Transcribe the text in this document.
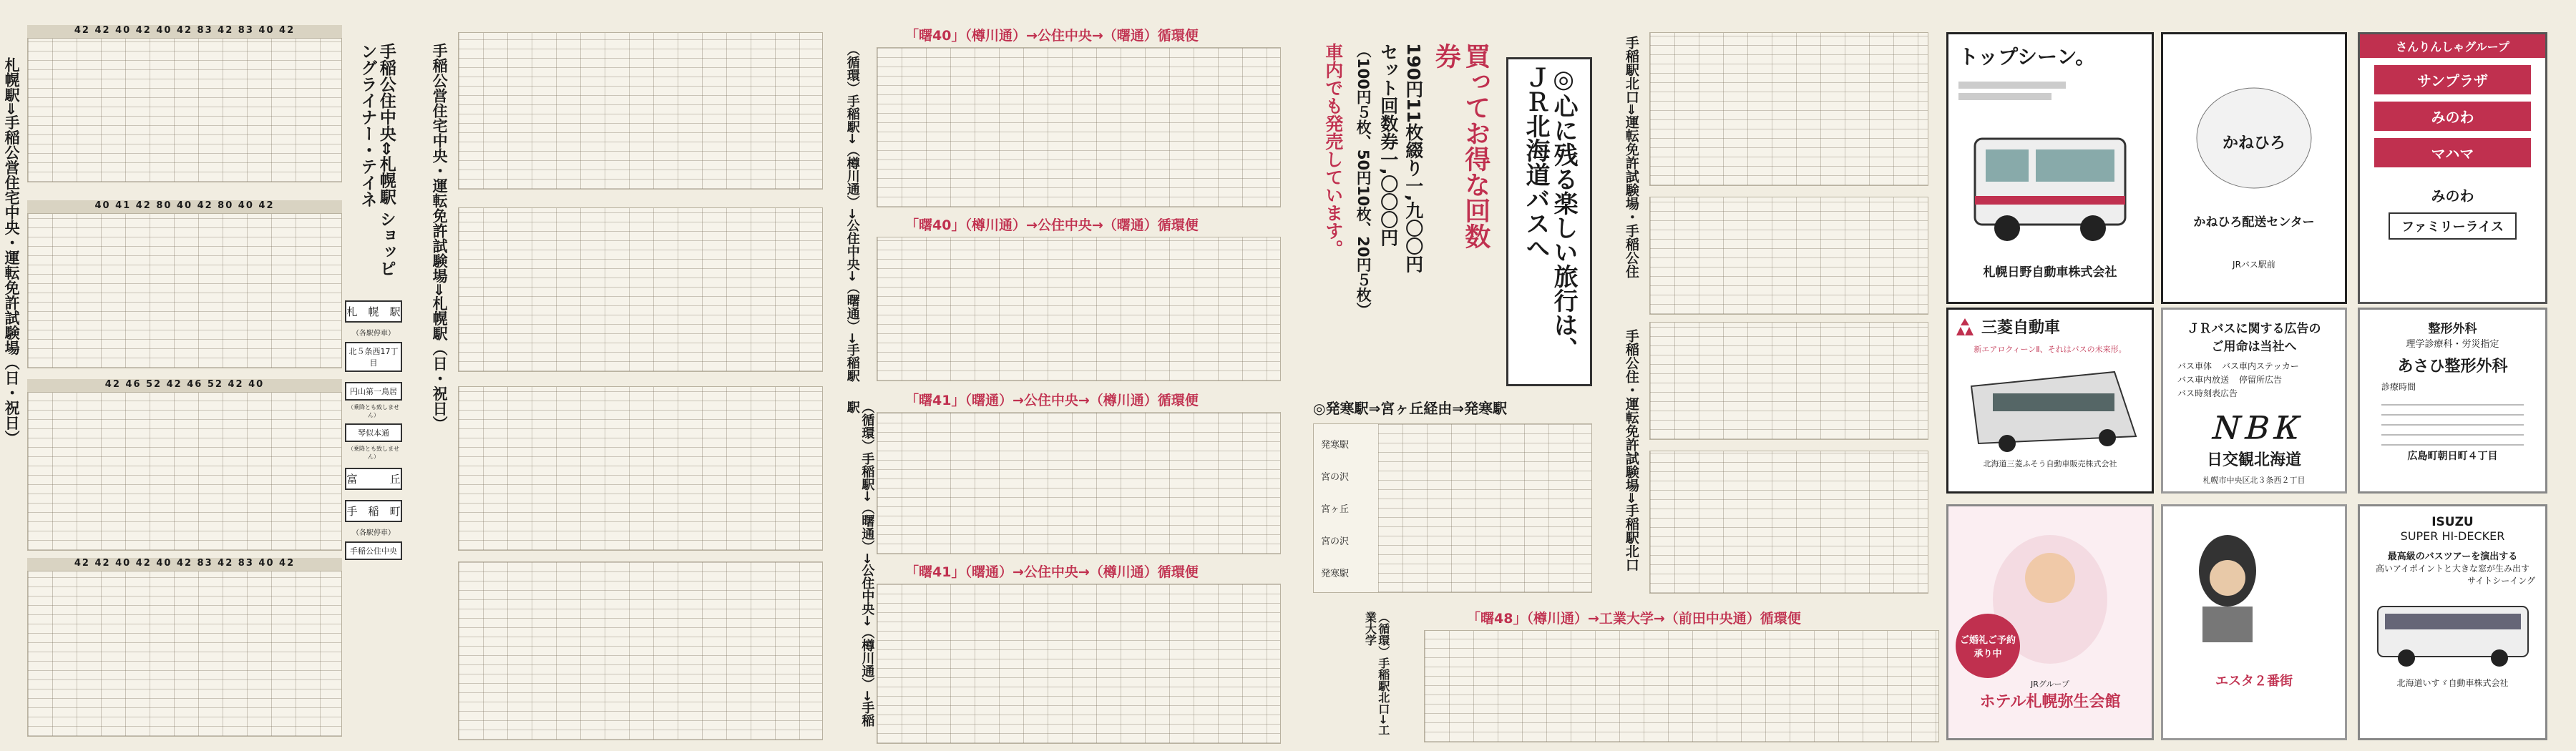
札幌駅⇒手稲公営住宅中央・運転免許試験場（日・祝日）
42 42 40 42 40 42 83 42 83 40 42
40 41 42 80 40 42 80 40 42
42 46 52 42 46 52 42 40
42 42 40 42 40 42 83 42 83 40 42
手稲公住中央⇔札幌駅 ショッピングライナー・テイネ
札　幌　駅
（各駅停車）
北５条西17丁目
円山第一鳥居
（乗降とも致しません）
琴似本通
（乗降とも致しません）
富　　　丘
手　稲　町
（各駅停車）
手稲公住中央
手稲公営住宅中央・運転免許試験場⇒札幌駅（日・祝日）	（循環）手稲駅→（樽川通）→公住中央→（曙通）→手稲駅
（循環）手稲駅→（曙通）→公住中央→（樽川通）→手稲駅
「曙40」（樽川通）→公住中央→（曙通）循環便
「曙40」（樽川通）→公住中央→（曙通）循環便
「曙41」（曙通）→公住中央→（樽川通）循環便
「曙41」（曙通）→公住中央→（樽川通）循環便
買ってお得な回数券
190円11枚綴り一,九〇〇円
セット回数券一,〇〇〇円
（100円５枚、50円10枚、20円５枚）
車内でも発売しています。	◎心に残る楽しい旅行は、ＪＲ北海道バスへ
◎発寒駅⇒宮ヶ丘経由⇒発寒駅
発寒駅
宮の沢
宮ヶ丘
宮の沢
発寒駅
（循環）手稲駅北口→工業大学	「曙48」（樽川通）→工業大学→（前田中央通）循環便
手稲駅北口⇒運転免許試験場・手稲公住
手稲公住・運転免許試験場⇒手稲駅北口
トップシーン。
札幌日野自動車株式会社
かねひろ
かねひろ配送センター
JRバス駅前
さんりんしゃグループ
サンプラザ
みのわ
マハマ
みのわ
ファミリーライス
三菱自動車
新エアロクィーンⅡ、それはバスの未来形。
北海道三菱ふそう自動車販売株式会社
ＪＲバスに関する広告の
ご用命は当社へ
バス車体 バス車内ステッカー
バス車内放送 停留所広告
バス時刻表広告
ＮＢＫ
日交観北海道
札幌市中央区北３条西２丁目
整形外科
理学診療科・労災指定
あさひ整形外科
診療時間
広島町朝日町４丁目
ご婚礼ご予約承り中
JRグループ
ホテル札幌弥生会館
エスタ２番街
ISUZU
SUPER HI-DECKER
最高級のバスツアーを演出する
高いアイポイントと大きな窓が生み出す
サイトシーイング
北海道いすゞ自動車株式会社
